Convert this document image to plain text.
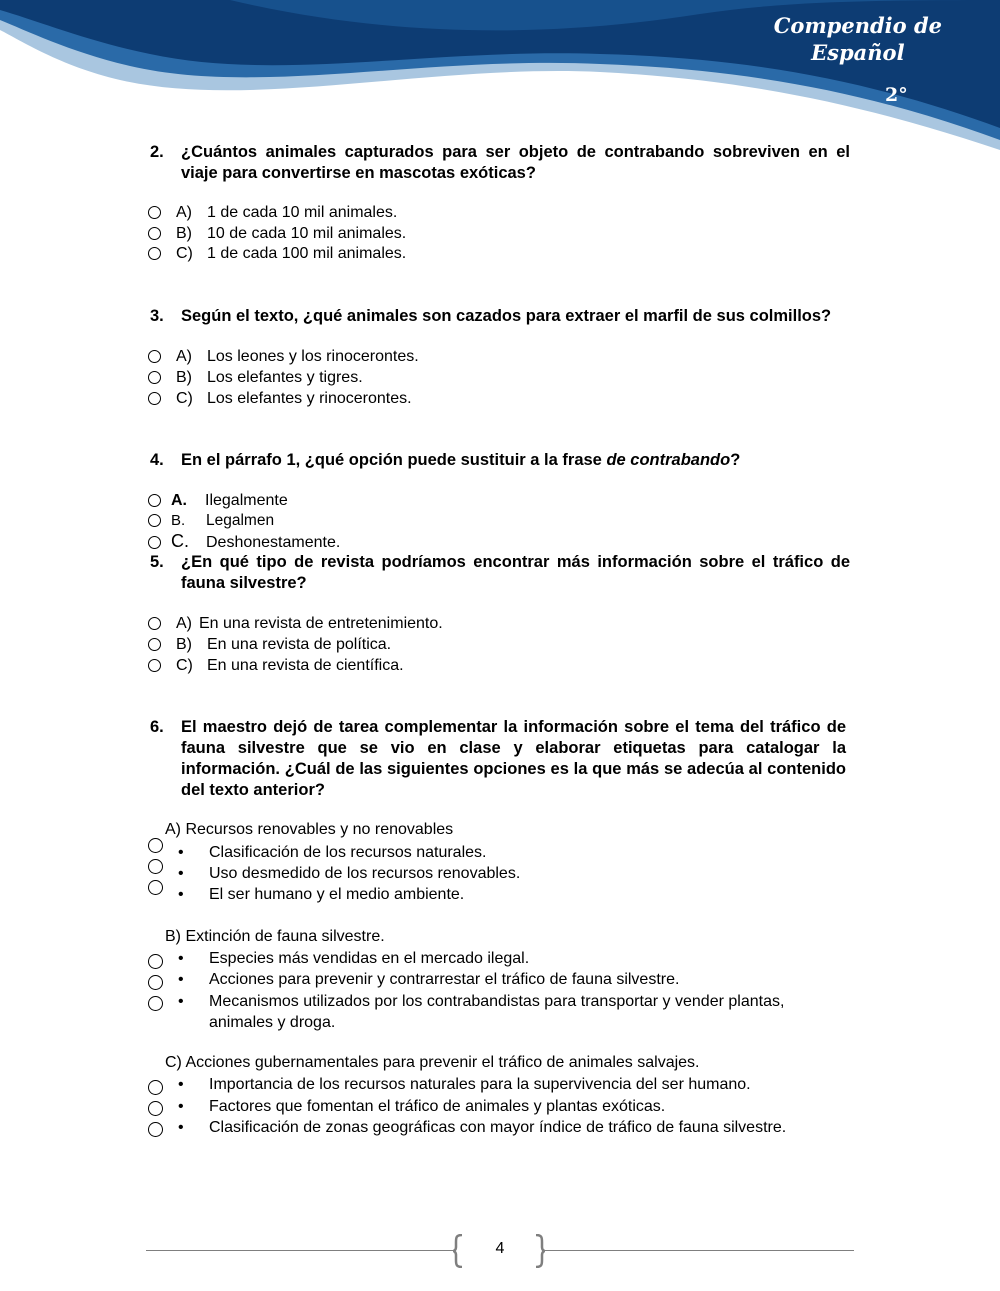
Compendio de
Español
2°
2. ¿Cuántos animales capturados para ser objeto de contrabando sobreviven en el viaje para convertirse en mascotas exóticas?
A) 1 de cada 10 mil animales.
B) 10 de cada 10 mil animales.
C) 1 de cada 100 mil animales.
3. Según el texto, ¿qué animales son cazados para extraer el marfil de sus colmillos?
A) Los leones y los rinocerontes.
B) Los elefantes y tigres.
C) Los elefantes y rinocerontes.
4. En el párrafo 1, ¿qué opción puede sustituir a la frase de contrabando?
A. Ilegalmente
B. Legalmen
C. Deshonestamente.
5. ¿En qué tipo de revista podríamos encontrar más información sobre el tráfico de fauna silvestre?
A) En una revista de entretenimiento.
B) En una revista de política.
C) En una revista de científica.
6. El maestro dejó de tarea complementar la información sobre el tema del tráfico de fauna silvestre que se vio en clase y elaborar etiquetas para catalogar la información. ¿Cuál de las siguientes opciones es la que más se adecúa al contenido del texto anterior?
A) Recursos renovables y no renovables
• Clasificación de los recursos naturales.
• Uso desmedido de los recursos renovables.
• El ser humano y el medio ambiente.
B) Extinción de fauna silvestre.
• Especies más vendidas en el mercado ilegal.
• Acciones para prevenir y contrarrestar el tráfico de fauna silvestre.
• Mecanismos utilizados por los contrabandistas para transportar y vender plantas, animales y droga.
C) Acciones gubernamentales para prevenir el tráfico de animales salvajes.
• Importancia de los recursos naturales para la supervivencia del ser humano.
• Factores que fomentan el tráfico de animales y plantas exóticas.
• Clasificación de zonas geográficas con mayor índice de tráfico de fauna silvestre.
4
